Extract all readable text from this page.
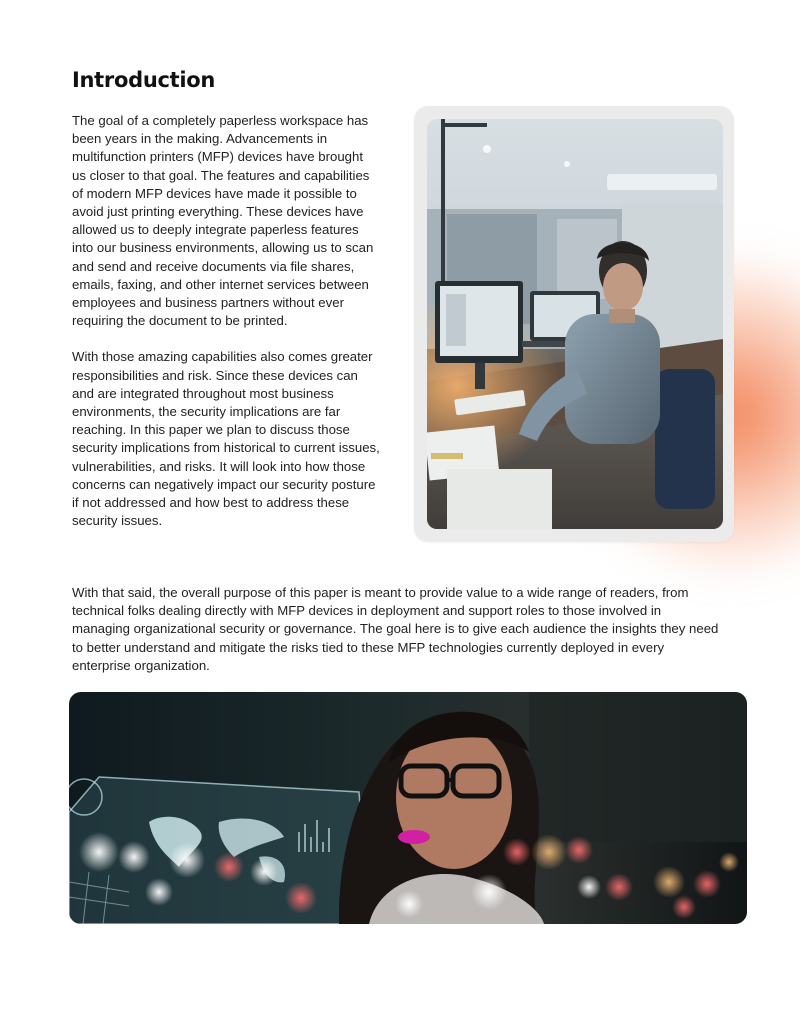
Introduction

The goal of a completely paperless workspace has been years in the making. Advancements in multifunction printers (MFP) devices have brought us closer to that goal. The features and capabilities of modern MFP devices have made it possible to avoid just printing everything. These devices have allowed us to deeply integrate paperless features into our business environments, allowing us to scan and send and receive documents via file shares, emails, faxing, and other internet services between employees and business partners without ever requiring the document to be printed.

With those amazing capabilities also comes greater responsibilities and risk. Since these devices can and are integrated throughout most business environments, the security implications are far reaching. In this paper we plan to discuss those security implications from historical to current issues, vulnerabilities, and risks. It will look into how those concerns can negatively impact our security posture if not addressed and how best to address these security issues.

With that said, the overall purpose of this paper is meant to provide value to a wide range of readers, from technical folks dealing directly with MFP devices in deployment and support roles to those involved in managing organizational security or governance. The goal here is to give each audience the insights they need to better understand and mitigate the risks tied to these MFP technologies currently deployed in every enterprise organization.
